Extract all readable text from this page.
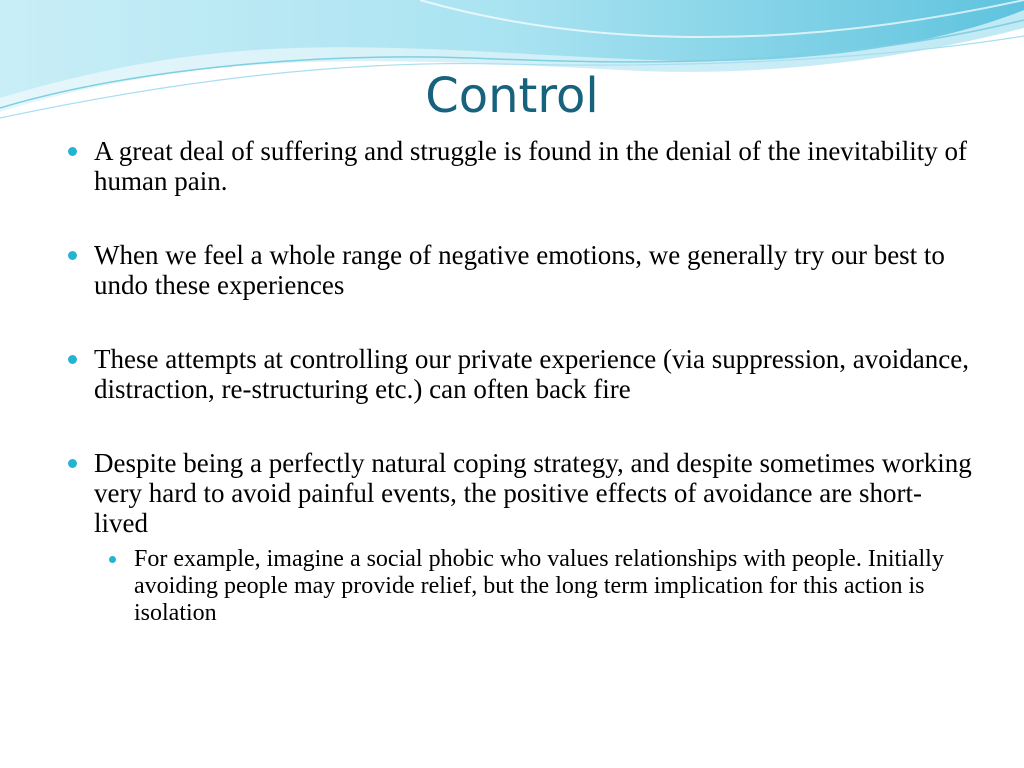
Control
A great deal of suffering and struggle is found in the denial of the inevitability of human pain.
When we feel a whole range of negative emotions, we generally try our best to undo these experiences
These attempts at controlling our private experience (via suppression, avoidance, distraction, re-structuring etc.) can often back fire
Despite being a perfectly natural coping strategy, and despite sometimes working very hard to avoid painful events, the positive effects of avoidance are short-lived
For example, imagine a social phobic who values relationships with people. Initially avoiding people may provide relief, but the long term implication for this action is isolation
